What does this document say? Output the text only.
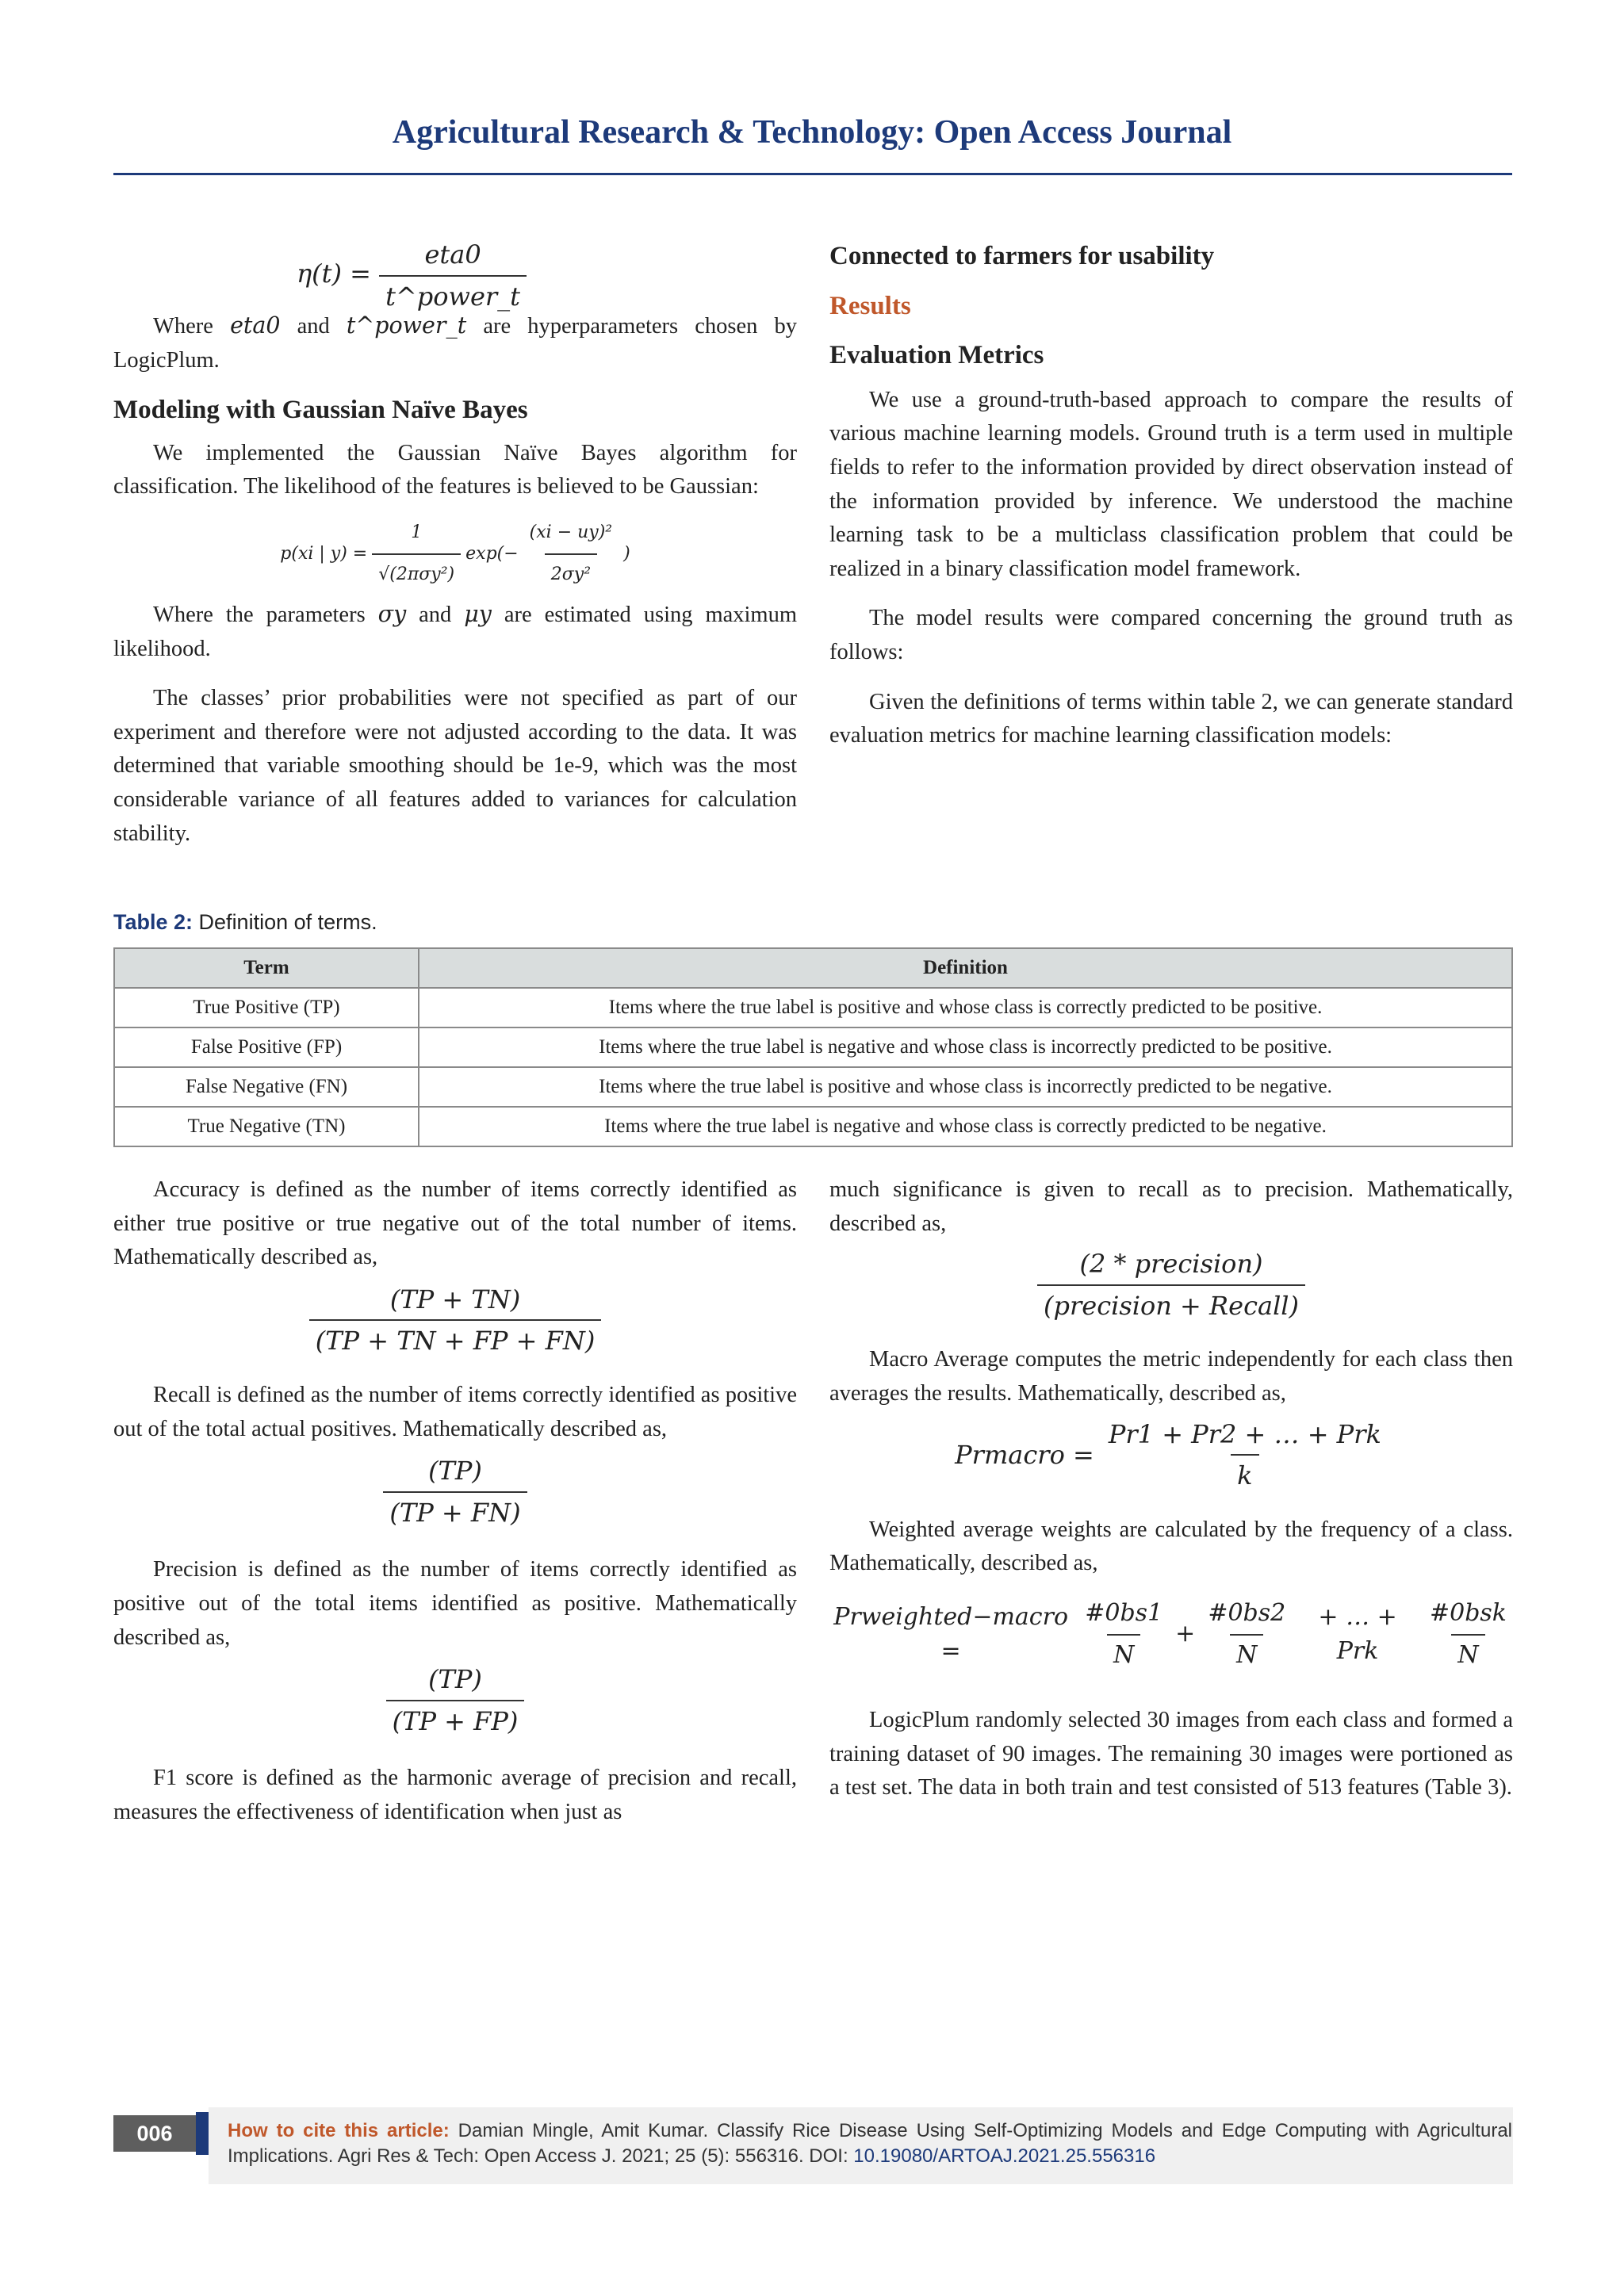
Agricultural Research & Technology: Open Access Journal
$\eta(t) = \frac{\text{eta0}}{\text{t\textasciicircum{}power\_t}}$

Where eta0 and t^power_t are hyperparameters chosen by LogicPlum.

Modeling with Gaussian Naïve Bayes

We implemented the Gaussian Naïve Bayes algorithm for classification. The likelihood of the features is believed to be Gaussian:

p(xi | $y) = \frac{1}{\text{√(2πσy²)}} \exp(- \frac{\text{(xi − uy)²}}{\text{2σy²}}$ )

Where the parameters σy and μy are estimated using maximum likelihood.

The classes’ prior probabilities were not specified as part of our experiment and therefore were not adjusted according to the data. It was determined that variable smoothing should be 1e-9, which was the most considerable variance of all features added to variances for calculation stability.

Connected to farmers for usability
Results
Evaluation Metrics

We use a ground-truth-based approach to compare the results of various machine learning models. Ground truth is a term used in multiple fields to refer to the information provided by direct observation instead of the information provided by inference. We understood the machine learning task to be a multiclass classification problem that could be realized in a binary classification model framework.

The model results were compared concerning the ground truth as follows:

Given the definitions of terms within table 2, we can generate standard evaluation metrics for machine learning classification models:

Table 2: Definition of terms.
Term	Definition
True Positive (TP)	Items where the true label is positive and whose class is correctly predicted to be positive.
False Positive (FP)	Items where the true label is negative and whose class is incorrectly predicted to be positive.
False Negative (FN)	Items where the true label is positive and whose class is incorrectly predicted to be negative.
True Negative (TN)	Items where the true label is negative and whose class is correctly predicted to be negative.

Accuracy is defined as the number of items correctly identified as either true positive or true negative out of the total number of items. Mathematically described as,

$\frac{(TP + TN)}{(TP + TN + FP + FN)}$

Recall is defined as the number of items correctly identified as positive out of the total actual positives. Mathematically described as,

$\frac{(TP)}{(TP + FN)}$

Precision is defined as the number of items correctly identified as positive out of the total items identified as positive. Mathematically described as,

$\frac{(TP)}{(TP + FP)}$

F1 score is defined as the harmonic average of precision and recall, measures the effectiveness of identification when just as

much significance is given to recall as to precision. Mathematically, described as,

$\frac{\text{(2 * precision)}}{\text{(precision + Recall)}}$

Macro Average computes the metric independently for each class then averages the results. Mathematically, described as,

Prmacro = $\frac{\text{Pr1 + Pr2 + … + Prk}}{k}$

Weighted average weights are calculated by the frequency of a class. Mathematically, described as,

Prweighted−macro =	$\frac{\#0bs1}{N} + \frac{\#0bs2}{N}$	+ … + Prk	$\frac{\text{\#0bsk}}{N}$

LogicPlum randomly selected 30 images from each class and formed a training dataset of 90 images. The remaining 30 images were portioned as a test set. The data in both train and test consisted of 513 features (Table 3).

006	How to cite this article: Damian Mingle, Amit Kumar. Classify Rice Disease Using Self-Optimizing Models and Edge Computing with Agricultural Implications. Agri Res & Tech: Open Access J. 2021; 25 (5): 556316. DOI: 10.19080/ARTOAJ.2021.25.556316
